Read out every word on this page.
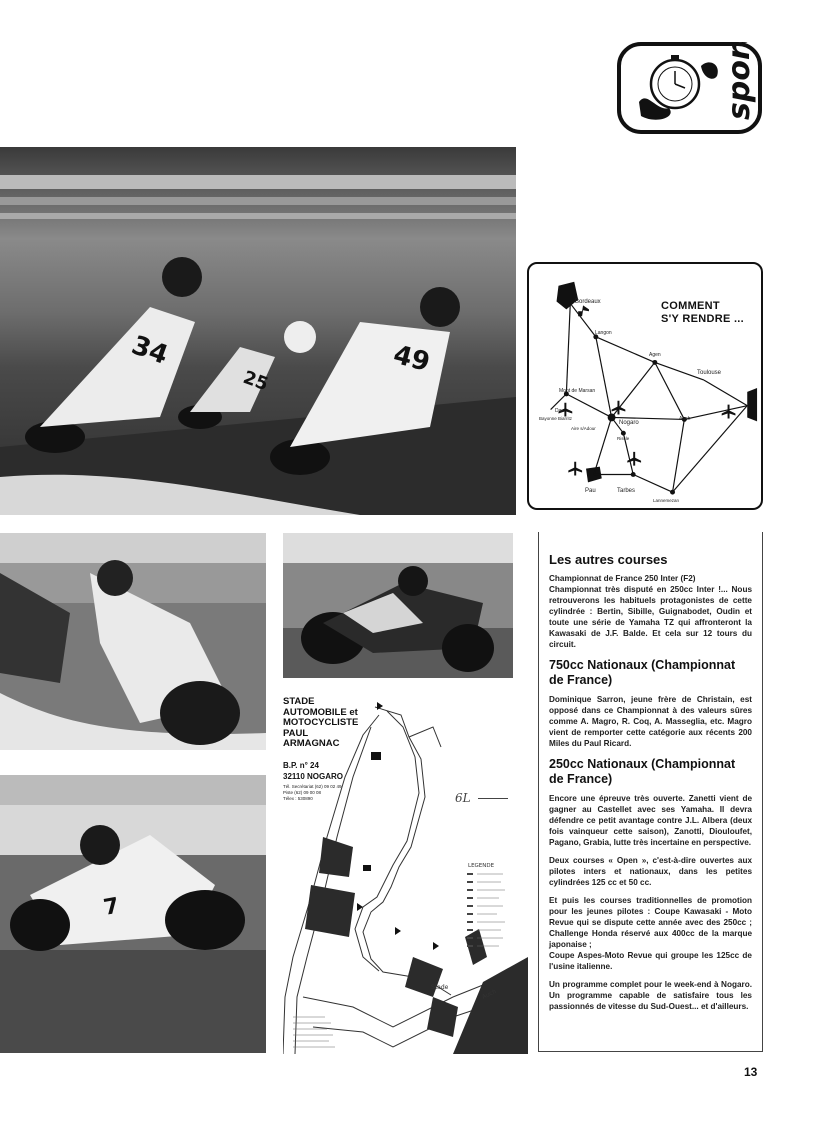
sport
34
25
49
COMMENT
S'Y RENDRE ...
Bordeaux
Langon
Agen
Mont de Marsan
Toulouse
Nogaro
Auch
Dax
Bayonne Biarritz
Aire s/Adour
Riscle
Pau	Tarbes
Lannemezan
7
Stade
Auch
LEGENDE
STADE
AUTOMOBILE et
MOTOCYCLISTE
PAUL
ARMAGNAC
B.P. n° 24
32110 NOGARO
Tél. Secrétariat (62) 09 02 49
Piste (62) 09 00 08
Télex : 530890	6L
Les autres courses

Championnat de France 250 Inter (F2)

Championnat très disputé en 250cc Inter !... Nous retrouverons les habituels protagonistes de cette cylindrée : Bertin, Sibille, Guignabodet, Oudin et toute une série de Yamaha TZ qui affronteront la Kawasaki de J.F. Balde. Et cela sur 12 tours du circuit.

750cc Nationaux (Championnat de France)

Dominique Sarron, jeune frère de Christain, est opposé dans ce Championnat à des valeurs sûres comme A. Magro, R. Coq, A. Masseglia, etc. Magro vient de remporter cette catégorie aux récents 200 Miles du Paul Ricard.

250cc Nationaux (Championnat de France)

Encore une épreuve très ouverte. Zanetti vient de gagner au Castellet avec ses Yamaha. Il devra défendre ce petit avantage contre J.L. Albera (deux fois vainqueur cette saison), Zanotti, Diouloufet, Pagano, Grabia, lutte très incertaine en perspective.

Deux courses « Open », c'est-à-dire ouvertes aux pilotes inters et nationaux, dans les petites cylindrées 125 cc et 50 cc.

Et puis les courses traditionnelles de promotion pour les jeunes pilotes : Coupe Kawasaki - Moto Revue qui se dispute cette année avec des 250cc ; Challenge Honda réservé aux 400cc de la marque japonaise ;

Coupe Aspes-Moto Revue qui groupe les 125cc de l'usine italienne.

Un programme complet pour le week-end à Nogaro. Un programme capable de satisfaire tous les passionnés de vitesse du Sud-Ouest... et d'ailleurs.

13
